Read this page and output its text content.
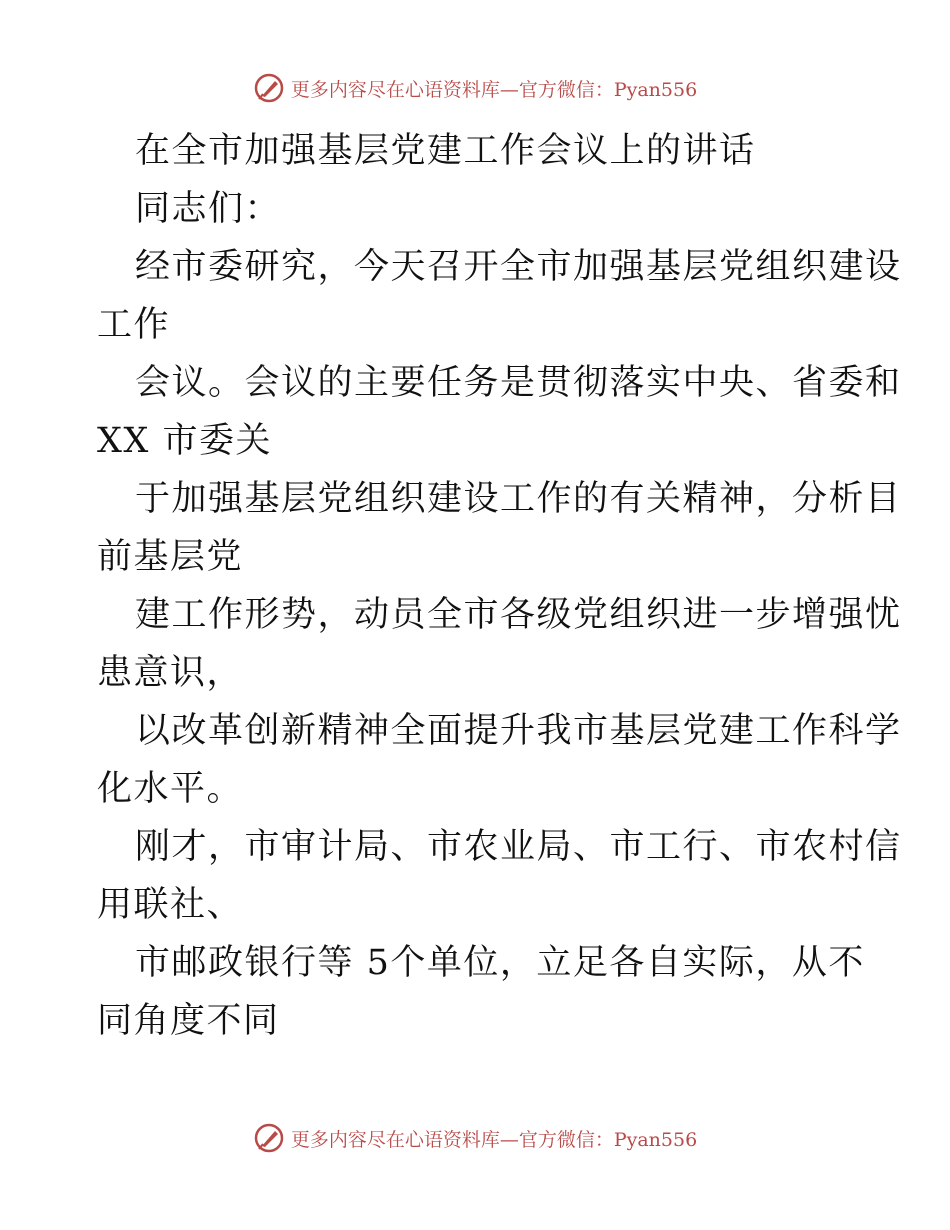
更多内容尽在心语资料库—官方微信：Pyan556
在全市加强基层党建工作会议上的讲话
同志们：
经市委研究，今天召开全市加强基层党组织建设
工作
会议。会议的主要任务是贯彻落实中央、省委和
XX 市委关
于加强基层党组织建设工作的有关精神，分析目
前基层党
建工作形势，动员全市各级党组织进一步增强忧
患意识，
以改革创新精神全面提升我市基层党建工作科学
化水平。
刚才，市审计局、市农业局、市工行、市农村信
用联社、
市邮政银行等 5个单位，立足各自实际，从不
同角度不同
更多内容尽在心语资料库—官方微信：Pyan556
